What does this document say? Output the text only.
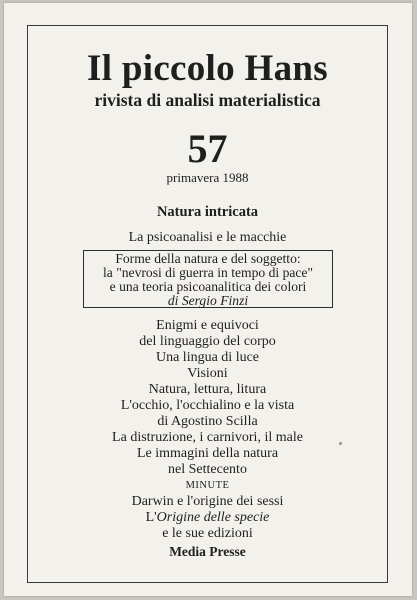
Il piccolo Hans
rivista di analisi materialistica
57
primavera 1988
Natura intricata
La psicoanalisi e le macchie
Forme della natura e del soggetto:
la "nevrosi di guerra in tempo di pace"
e una teoria psicoanalitica dei colori
di Sergio Finzi
Enigmi e equivoci
del linguaggio del corpo
Una lingua di luce
Visioni
Natura, lettura, litura
L'occhio, l'occhialino e la vista
di Agostino Scilla
La distruzione, i carnivori, il male
Le immagini della natura
nel Settecento
MINUTE
Darwin e l'origine dei sessi
L'Origine delle specie
e le sue edizioni
Media Presse
